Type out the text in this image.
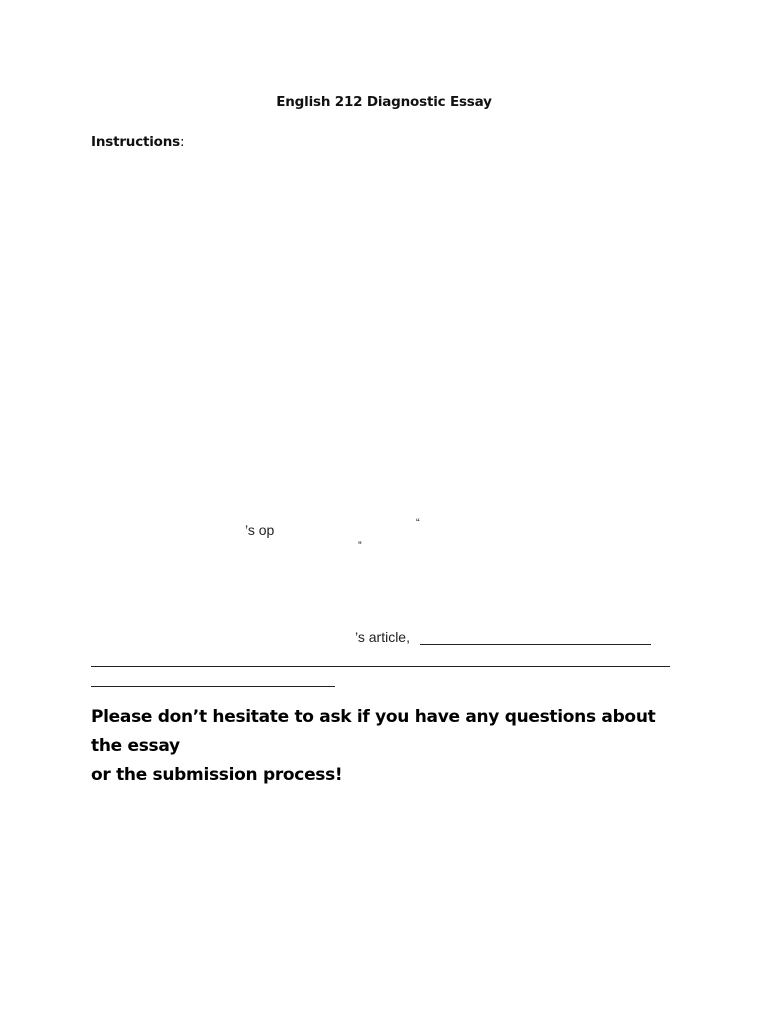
English 212 Diagnostic Essay
Instructions:
’s op	“
”
’s article,
Please don’t hesitate to ask if you have any questions about the essay
or the submission process!
